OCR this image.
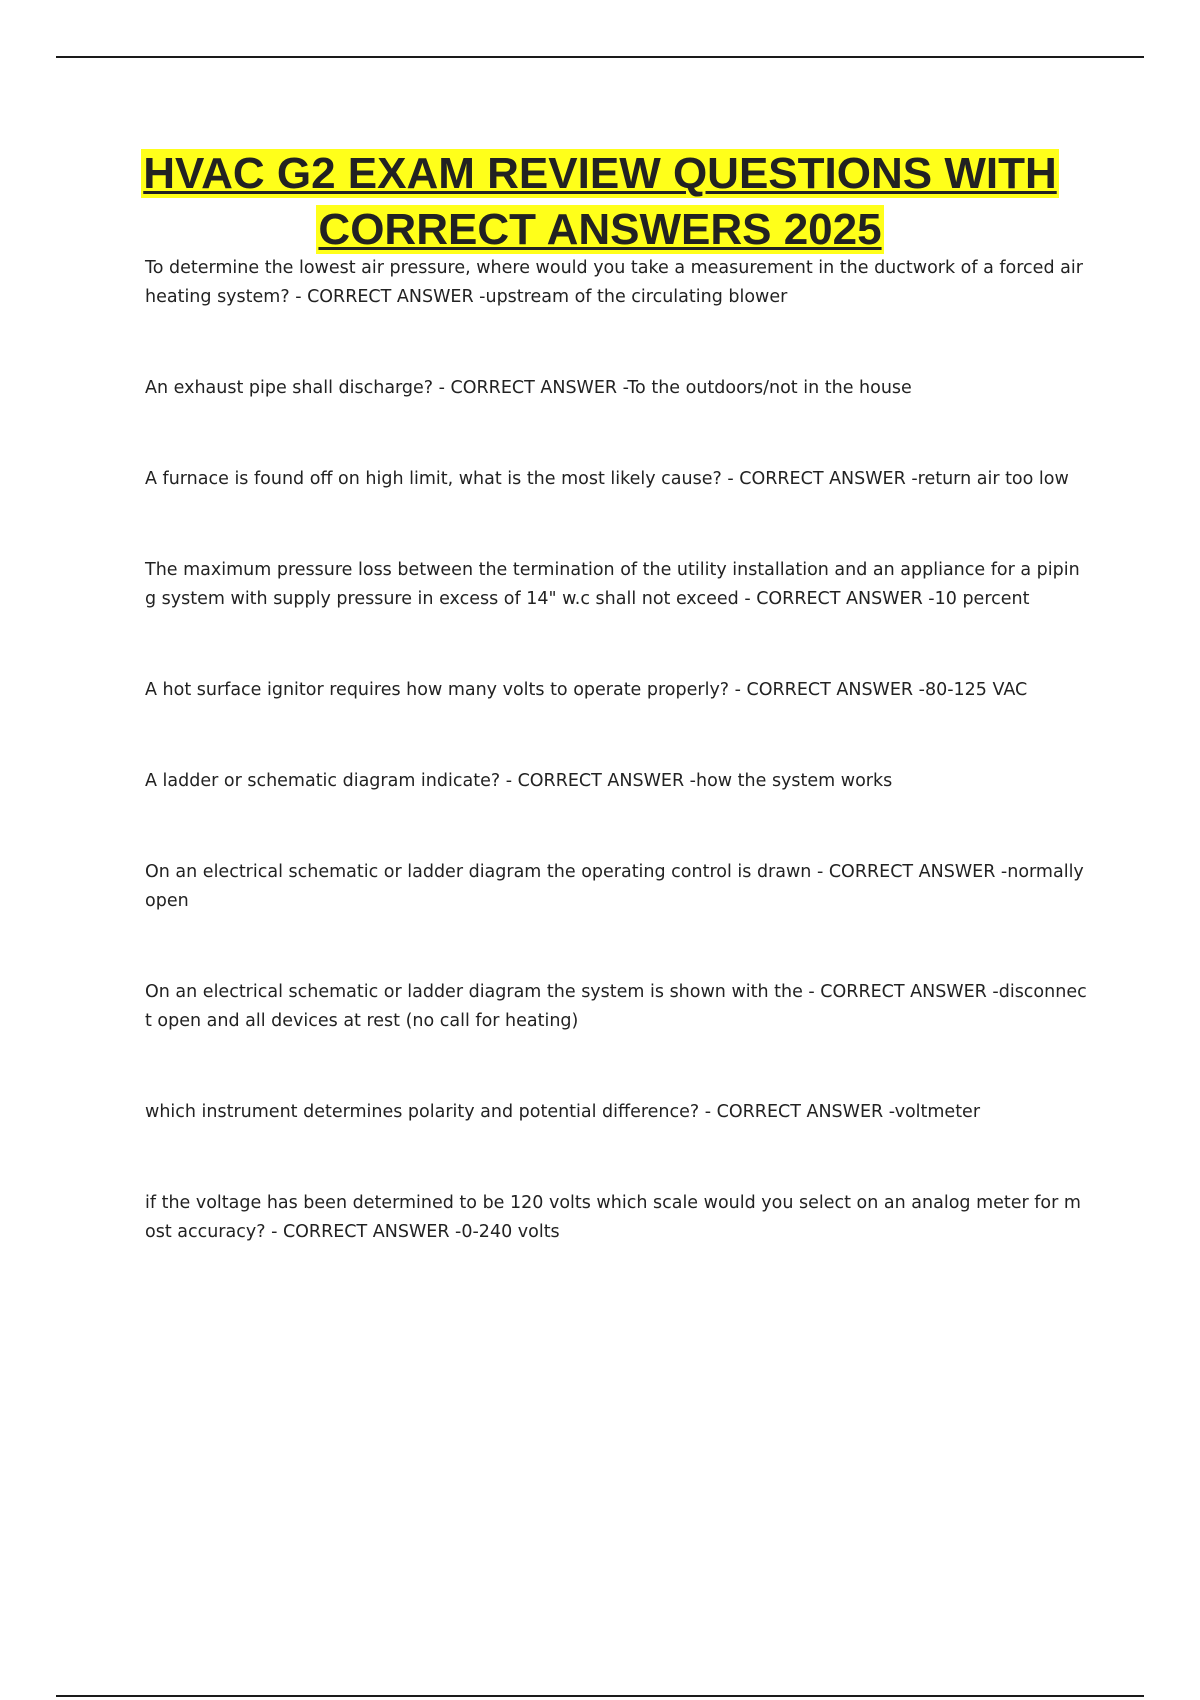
HVAC G2 EXAM REVIEW QUESTIONS WITH CORRECT ANSWERS 2025

To determine the lowest air pressure, where would you take a measurement in the ductwork of a forced air heating system? - CORRECT ANSWER -upstream of the circulating blower

An exhaust pipe shall discharge? - CORRECT ANSWER -To the outdoors/not in the house

A furnace is found off on high limit, what is the most likely cause? - CORRECT ANSWER -return air too low

The maximum pressure loss between the termination of the utility installation and an appliance for a piping system with supply pressure in excess of 14" w.c shall not exceed - CORRECT ANSWER -10 percent

A hot surface ignitor requires how many volts to operate properly? - CORRECT ANSWER -80-125 VAC

A ladder or schematic diagram indicate? - CORRECT ANSWER -how the system works

On an electrical schematic or ladder diagram the operating control is drawn - CORRECT ANSWER -normally open

On an electrical schematic or ladder diagram the system is shown with the - CORRECT ANSWER -disconnect open and all devices at rest (no call for heating)

which instrument determines polarity and potential difference? - CORRECT ANSWER -voltmeter

if the voltage has been determined to be 120 volts which scale would you select on an analog meter for most accuracy? - CORRECT ANSWER -0-240 volts
